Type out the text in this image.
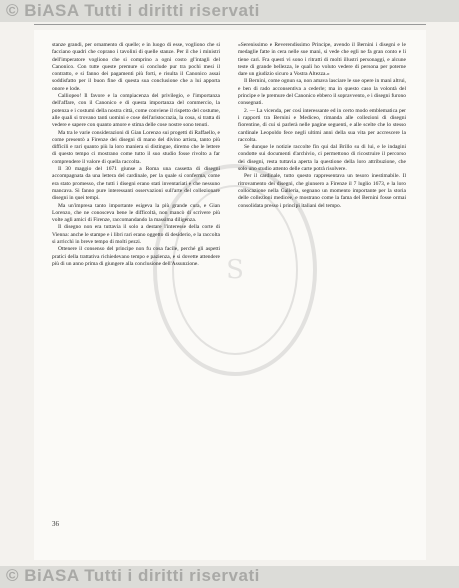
© BiASA Tutti i diritti riservati
S

stanze grandi, per ornamento di quelle; e in luogo di esse, vogliono che si facciano quadri che coprano i tavolini di quelle stanze. Per il che i ministri dell'imperatore vogliono che si comprino a ogni costo gl'intagli del Canonico. Con tutte queste premure si conclude pur tra pochi mesi il contratto, e si fanno dei pagamenti più forti, e risulta il Canonico assai soddisfatto per il buon fine di questa sua conclusione che a lui apporta onore e lode.

Calliopeo! Il favore e la compiacenza del privilegio, e l'importanza dell'affare, con il Canonico e di questa importanza del commercio, la potenza e i costumi della nostra città, come conviene il rispetto del costume, alle quali si trovano tanti uomini e cose dell'aristocrazia, la cosa, si tratta di vedere e sapere con quanto amore e stima delle cose nostre sono tenuti.

Ma tra le varie considerazioni di Gian Lorenzo sui progetti di Raffaello, e come presentò a Firenze dei disegni di mano del divino artista, tanto più difficili e rari quanto più la loro maniera si distingue, diremo che le lettere di questo tempo ci mostrano come tutto il suo studio fosse rivolto a far comprendere il valore di quella raccolta.

Il 30 maggio del 1671 giunse a Roma una cassetta di disegni accompagnata da una lettera del cardinale, per la quale si conferma, come era stato promesso, che tutti i disegni erano stati inventariati e che nessuno mancava. Si fanno pure interessanti osservazioni sull'arte del collezionare disegni in quei tempi.

Ma un'impresa tanto importante esigeva la più grande cura, e Gian Lorenzo, che ne conosceva bene le difficoltà, non mancò di scrivere più volte agli amici di Firenze, raccomandando la massima diligenza.

Il disegno non era tuttavia il solo a destare l'interesse della corte di Vienna: anche le stampe e i libri rari erano oggetto di desiderio, e la raccolta si arricchì in breve tempo di molti pezzi.

Ottenere il consenso del principe non fu cosa facile, perché gli aspetti pratici della trattativa richiedevano tempo e pazienza, e si dovette attendere più di un anno prima di giungere alla conclusione dell'Assunzione.

«Serenissimo e Reverendissimo Principe, avendo il Bernini i disegni e le medaglie fatte in cera nelle sue mani, si vede che egli ne fa gran conto e li tiene cari. Fra questi vi sono i ritratti di molti illustri personaggi, e alcune teste di grande bellezza, le quali ho voluto vedere di persona per poterne dare un giudizio sicuro a Vostra Altezza.»

Il Bernini, come ognun sa, non amava lasciare le sue opere in mani altrui, e ben di rado acconsentiva a cederle; ma in questo caso la volontà del principe e le premure del Canonico ebbero il sopravvento, e i disegni furono consegnati.

2. — La vicenda, per così interessante ed in certo modo emblematica per i rapporti tra Bernini e Mediceo, rimanda alle collezioni di disegni fiorentine, di cui si parlerà nelle pagine seguenti, e alle scelte che lo stesso cardinale Leopoldo fece negli ultimi anni della sua vita per accrescere la raccolta.

Se dunque le notizie raccolte fin qui dal Brillo su di lui, e le indagini condotte sui documenti d'archivio, ci permettono di ricostruire il percorso dei disegni, resta tuttavia aperta la questione della loro attribuzione, che solo uno studio attento delle carte potrà risolvere.

Per il cardinale, tutto questo rappresentava un tesoro inestimabile. Il ritrovamento dei disegni, che giunsero a Firenze il 7 luglio 1673, e la loro collocazione nella Galleria, segnano un momento importante per la storia delle collezioni medicee, e mostrano come la fama del Bernini fosse ormai consolidata presso i principi italiani del tempo.

36
© BiASA Tutti i diritti riservati
